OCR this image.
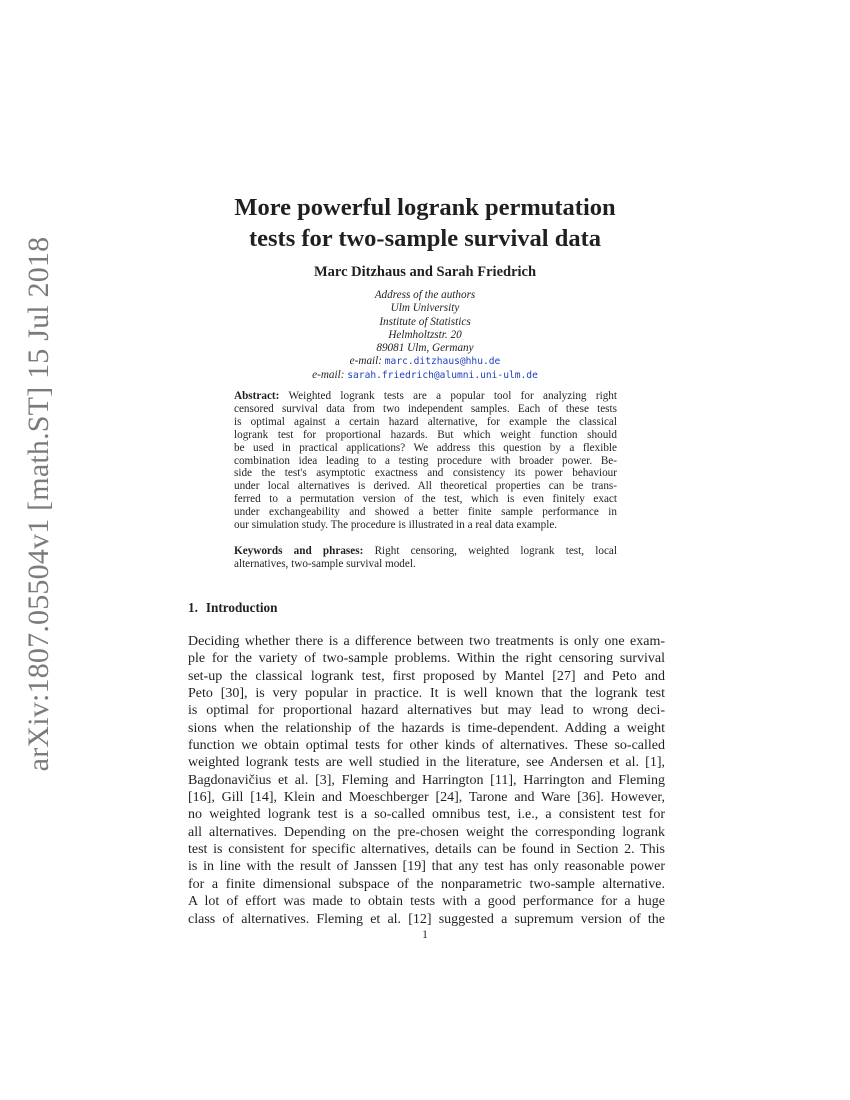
arXiv:1807.05504v1 [math.ST] 15 Jul 2018
More powerful logrank permutation
tests for two-sample survival data
Marc Ditzhaus and Sarah Friedrich
Address of the authors
Ulm University
Institute of Statistics
Helmholtzstr. 20
89081 Ulm, Germany
e-mail: marc.ditzhaus@hhu.de
e-mail: sarah.friedrich@alumni.uni-ulm.de
Abstract: Weighted logrank tests are a popular tool for analyzing right
censored survival data from two independent samples. Each of these tests
is optimal against a certain hazard alternative, for example the classical
logrank test for proportional hazards. But which weight function should
be used in practical applications? We address this question by a flexible
combination idea leading to a testing procedure with broader power. Be-
side the test's asymptotic exactness and consistency its power behaviour
under local alternatives is derived. All theoretical properties can be trans-
ferred to a permutation version of the test, which is even finitely exact
under exchangeability and showed a better finite sample performance in
our simulation study. The procedure is illustrated in a real data example.
Keywords and phrases: Right censoring, weighted logrank test, local
alternatives, two-sample survival model.
1. Introduction
Deciding whether there is a difference between two treatments is only one exam-
ple for the variety of two-sample problems. Within the right censoring survival
set-up the classical logrank test, first proposed by Mantel [27] and Peto and
Peto [30], is very popular in practice. It is well known that the logrank test
is optimal for proportional hazard alternatives but may lead to wrong deci-
sions when the relationship of the hazards is time-dependent. Adding a weight
function we obtain optimal tests for other kinds of alternatives. These so-called
weighted logrank tests are well studied in the literature, see Andersen et al. [1],
Bagdonavičius et al. [3], Fleming and Harrington [11], Harrington and Fleming
[16], Gill [14], Klein and Moeschberger [24], Tarone and Ware [36]. However,
no weighted logrank test is a so-called omnibus test, i.e., a consistent test for
all alternatives. Depending on the pre-chosen weight the corresponding logrank
test is consistent for specific alternatives, details can be found in Section 2. This
is in line with the result of Janssen [19] that any test has only reasonable power
for a finite dimensional subspace of the nonparametric two-sample alternative.
A lot of effort was made to obtain tests with a good performance for a huge
class of alternatives. Fleming et al. [12] suggested a supremum version of the
1
